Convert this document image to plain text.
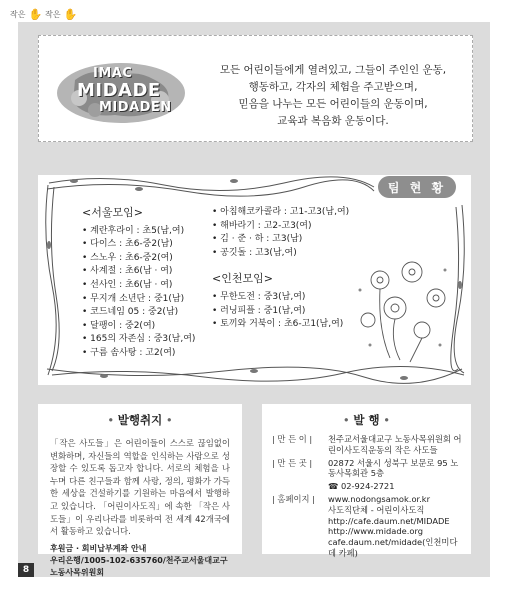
작은 ✋ 작은 ✋
IMAC
MIDADE
MIDADEN
모든 어린이들에게 열려있고, 그들이 주인인 운동,
행동하고, 각자의 체험을 주고받으며,
믿음을 나누는 모든 어린이들의 운동이며,
교육과 복음화 운동이다.
팀 현 황
<서울모임>
• 계란후라이 : 초5(남,여)
• 다이스 : 초6-중2(남)
• 스노우 : 초6-중2(여)
• 사계절 : 초6(남 · 여)
• 선사인 : 초6(남 · 여)
• 무지개 소년단 : 중1(남)
• 코드네임 05 : 중2(남)
• 달팽이 : 중2(여)
• 165의 자존심 : 중3(남,여)
• 구름 솜사탕 : 고2(여)
• 아침해코카콜라 : 고1-고3(남,여)
• 해바라기 : 고2-고3(여)
• 김 · 준 · 하 : 고3(남)
• 공깃돌 : 고3(남,여)
<인천모임>
• 무한도전 : 중3(남,여)
• 러닝피플 : 중1(남,여)
• 토끼와 거북이 : 초6-고1(남,여)
• 발행취지 •
「작은 사도들」은 어린이들이 스스로 끊임없이 변화하며, 자신들의 역할을 인식하는 사람으로 성장할 수 있도록 돕고자 합니다. 서로의 체험을 나누며 다른 친구들과 함께 사랑, 정의, 평화가 가득한 세상을 건설하기를 기원하는 마음에서 발행하고 있습니다. 「어린이사도직」에 속한 「작은 사도들」이 우리나라를 비롯하여 전 세계 42개국에서 활동하고 있습니다.
후원금 · 회비납부계좌 안내
우리은행/1005-102-635760/천주교서울대교구노동사목위원회
• 발 행 •
| 만 든 이 |	천주교서울대교구 노동사목위원회 어린이사도직운동의 작은 사도들
| 만 든 곳 |	02872 서울시 성북구 보문로 95 노동사목회관 5층
☎ 02-924-2721
| 홈페이지 |	www.nodongsamok.or.kr
사도직단체 - 어린이사도직
http://cafe.daum.net/MIDADE
http://www.midade.org
cafe.daum.net/midade(인천미다데 카페)
8
